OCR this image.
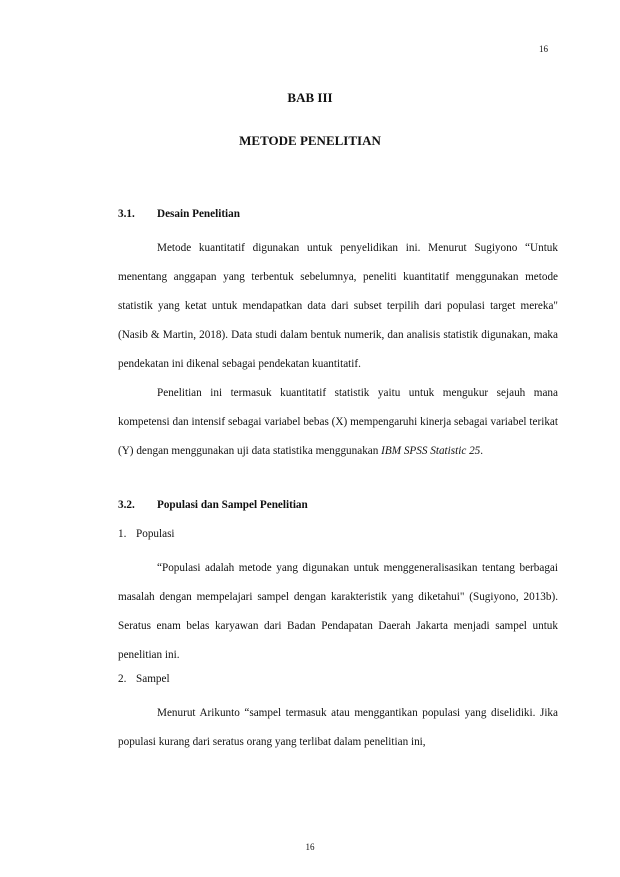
16
BAB III
METODE PENELITIAN
3.1. Desain Penelitian

Metode kuantitatif digunakan untuk penyelidikan ini. Menurut Sugiyono “Untuk menentang anggapan yang terbentuk sebelumnya, peneliti kuantitatif menggunakan metode statistik yang ketat untuk mendapatkan data dari subset terpilih dari populasi target mereka" (Nasib & Martin, 2018). Data studi dalam bentuk numerik, dan analisis statistik digunakan, maka pendekatan ini dikenal sebagai pendekatan kuantitatif.

Penelitian ini termasuk kuantitatif statistik yaitu untuk mengukur sejauh mana kompetensi dan intensif sebagai variabel bebas (X) mempengaruhi kinerja sebagai variabel terikat (Y) dengan menggunakan uji data statistika menggunakan IBM SPSS Statistic 25.

3.2. Populasi dan Sampel Penelitian
1. Populasi

“Populasi adalah metode yang digunakan untuk menggeneralisasikan tentang berbagai masalah dengan mempelajari sampel dengan karakteristik yang diketahui" (Sugiyono, 2013b). Seratus enam belas karyawan dari Badan Pendapatan Daerah Jakarta menjadi sampel untuk penelitian ini.

2. Sampel

Menurut Arikunto “sampel termasuk atau menggantikan populasi yang diselidiki. Jika populasi kurang dari seratus orang yang terlibat dalam penelitian ini,

16
